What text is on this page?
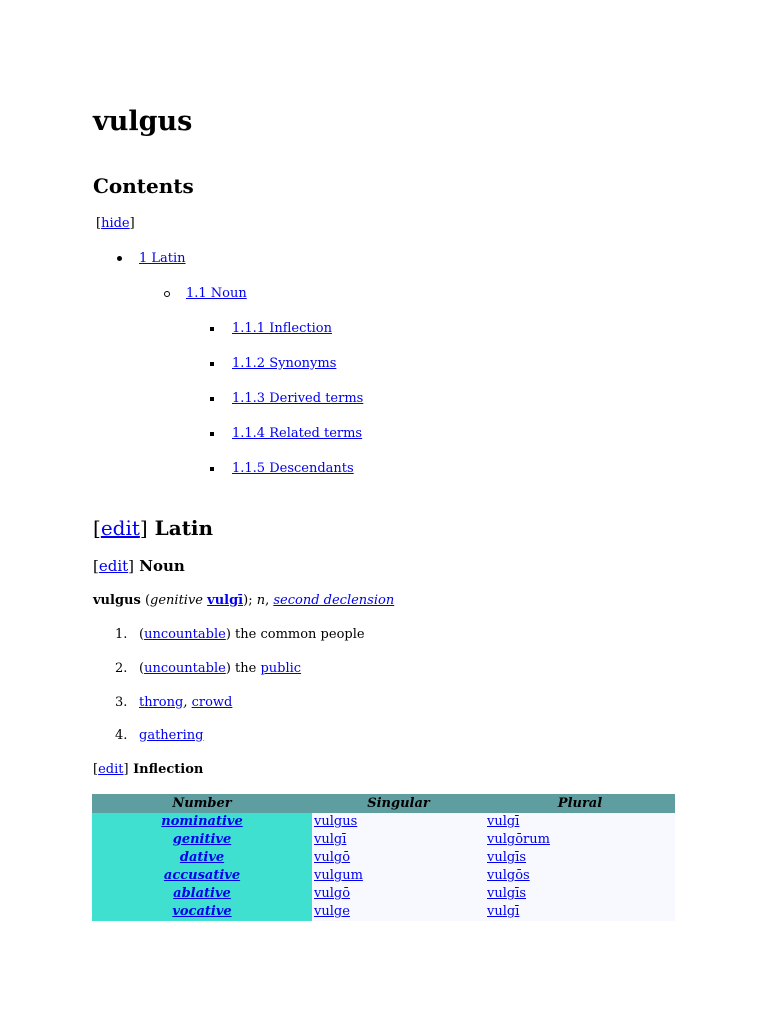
vulgus
Contents
[hide]
1 Latin
1.1 Noun
1.1.1 Inflection
1.1.2 Synonyms
1.1.3 Derived terms
1.1.4 Related terms
1.1.5 Descendants
[edit] Latin
[edit] Noun
vulgus (genitive vulgī); n, second declension
1. (uncountable) the common people
2. (uncountable) the public
3. throng, crowd
4. gathering
[edit] Inflection
Number	Singular	Plural
nominative	vulgus	vulgī
genitive	vulgī	vulgōrum
dative	vulgō	vulgīs
accusative	vulgum	vulgōs
ablative	vulgō	vulgīs
vocative	vulge	vulgī
